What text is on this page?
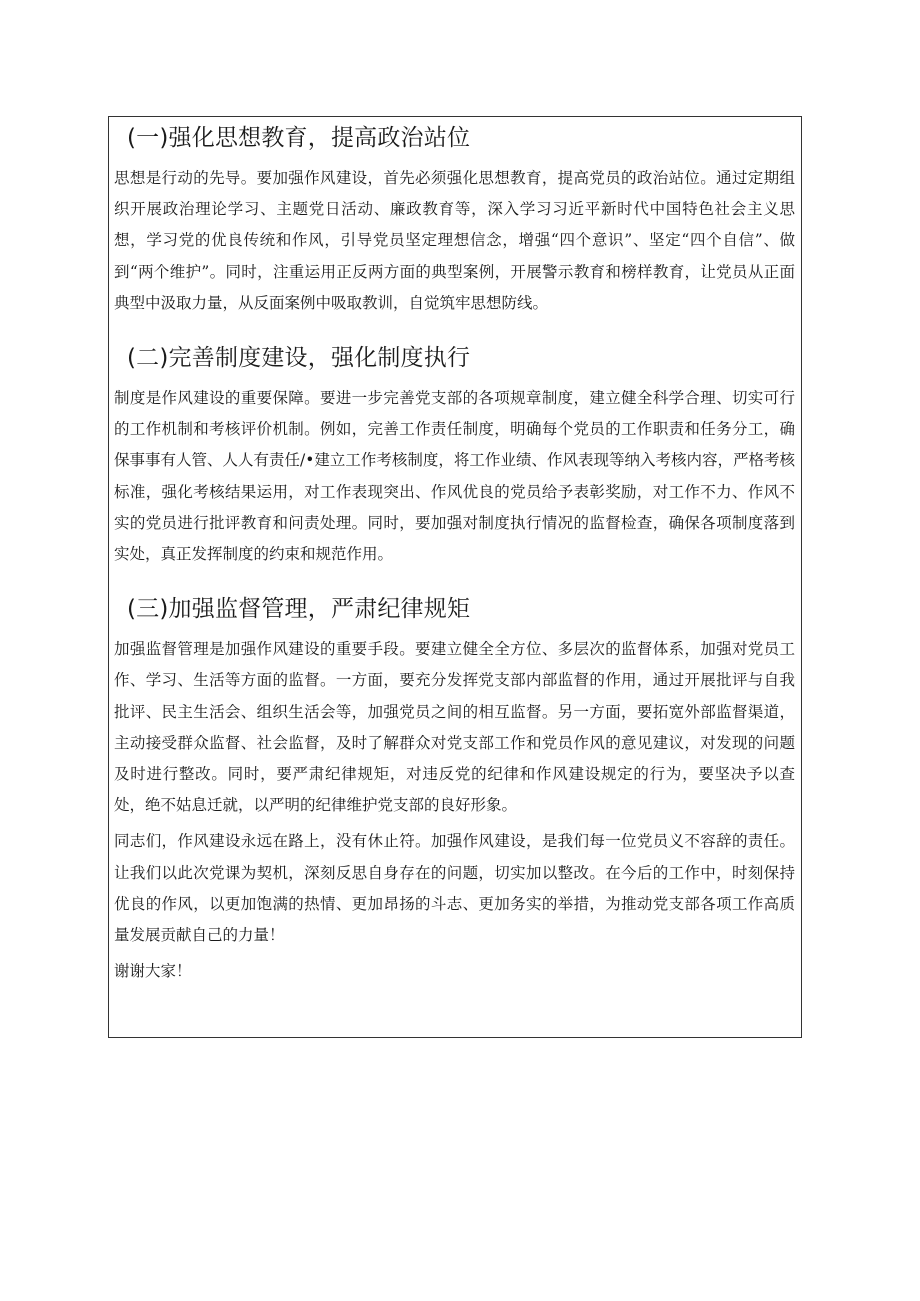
(一)强化思想教育，提高政治站位

思想是行动的先导。要加强作风建设，首先必须强化思想教育，提高党员的政治站位。通过定期组织开展政治理论学习、主题党日活动、廉政教育等，深入学习习近平新时代中国特色社会主义思想，学习党的优良传统和作风，引导党员坚定理想信念，增强“四个意识”、坚定“四个自信”、做到“两个维护”。同时，注重运用正反两方面的典型案例，开展警示教育和榜样教育，让党员从正面典型中汲取力量，从反面案例中吸取教训，自觉筑牢思想防线。

(二)完善制度建设，强化制度执行

制度是作风建设的重要保障。要进一步完善党支部的各项规章制度，建立健全科学合理、切实可行的工作机制和考核评价机制。例如，完善工作责任制度，明确每个党员的工作职责和任务分工，确保事事有人管、人人有责任/•建立工作考核制度，将工作业绩、作风表现等纳入考核内容，严格考核标准，强化考核结果运用，对工作表现突出、作风优良的党员给予表彰奖励，对工作不力、作风不实的党员进行批评教育和问责处理。同时，要加强对制度执行情况的监督检查，确保各项制度落到实处，真正发挥制度的约束和规范作用。

(三)加强监督管理，严肃纪律规矩

加强监督管理是加强作风建设的重要手段。要建立健全全方位、多层次的监督体系，加强对党员工作、学习、生活等方面的监督。一方面，要充分发挥党支部内部监督的作用，通过开展批评与自我批评、民主生活会、组织生活会等，加强党员之间的相互监督。另一方面，要拓宽外部监督渠道，主动接受群众监督、社会监督，及时了解群众对党支部工作和党员作风的意见建议，对发现的问题及时进行整改。同时，要严肃纪律规矩，对违反党的纪律和作风建设规定的行为，要坚决予以查处，绝不姑息迁就，以严明的纪律维护党支部的良好形象。

同志们，作风建设永远在路上，没有休止符。加强作风建设，是我们每一位党员义不容辞的责任。让我们以此次党课为契机，深刻反思自身存在的问题，切实加以整改。在今后的工作中，时刻保持优良的作风，以更加饱满的热情、更加昂扬的斗志、更加务实的举措，为推动党支部各项工作高质量发展贡献自己的力量！

谢谢大家！
